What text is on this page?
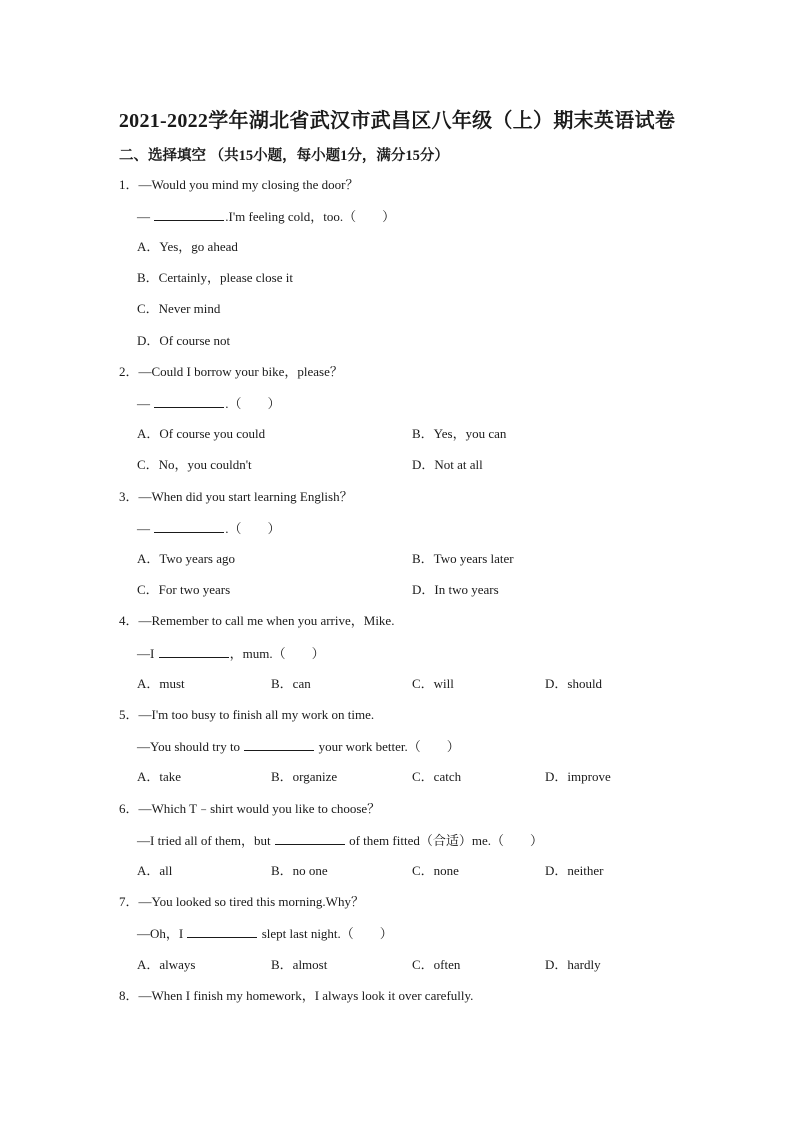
2021-2022学年湖北省武汉市武昌区八年级（上）期末英语试卷
二、选择填空 （共15小题，每小题1分，满分15分）
1．—Would you mind my closing the door？
—	.I'm feeling cold，too.（　　）
A．Yes，go ahead
B．Certainly，please close it
C．Never mind
D．Of course not
2．—Could I borrow your bike，please？
—	.（　　）
A．Of course you could	B．Yes，you can
C．No，you couldn't	D．Not at all
3．—When did you start learning English？
—	.（　　）
A．Two years ago	B．Two years later
C．For two years	D．In two years
4．—Remember to call me when you arrive，Mike.
—I	，mum.（　　）
A．must	B．can	C．will	D．should
5．—I'm too busy to finish all my work on time.
—You should try to	your work better.（　　）
A．take	B．organize	C．catch	D．improve
6．—Which T﹣shirt would you like to choose？
—I tried all of them，but	of them fitted（合适）me.（　　）
A．all	B．no one	C．none	D．neither
7．—You looked so tired this morning.Why？
—Oh，I	slept last night.（　　）
A．always	B．almost	C．often	D．hardly
8．—When I finish my homework，I always look it over carefully.
